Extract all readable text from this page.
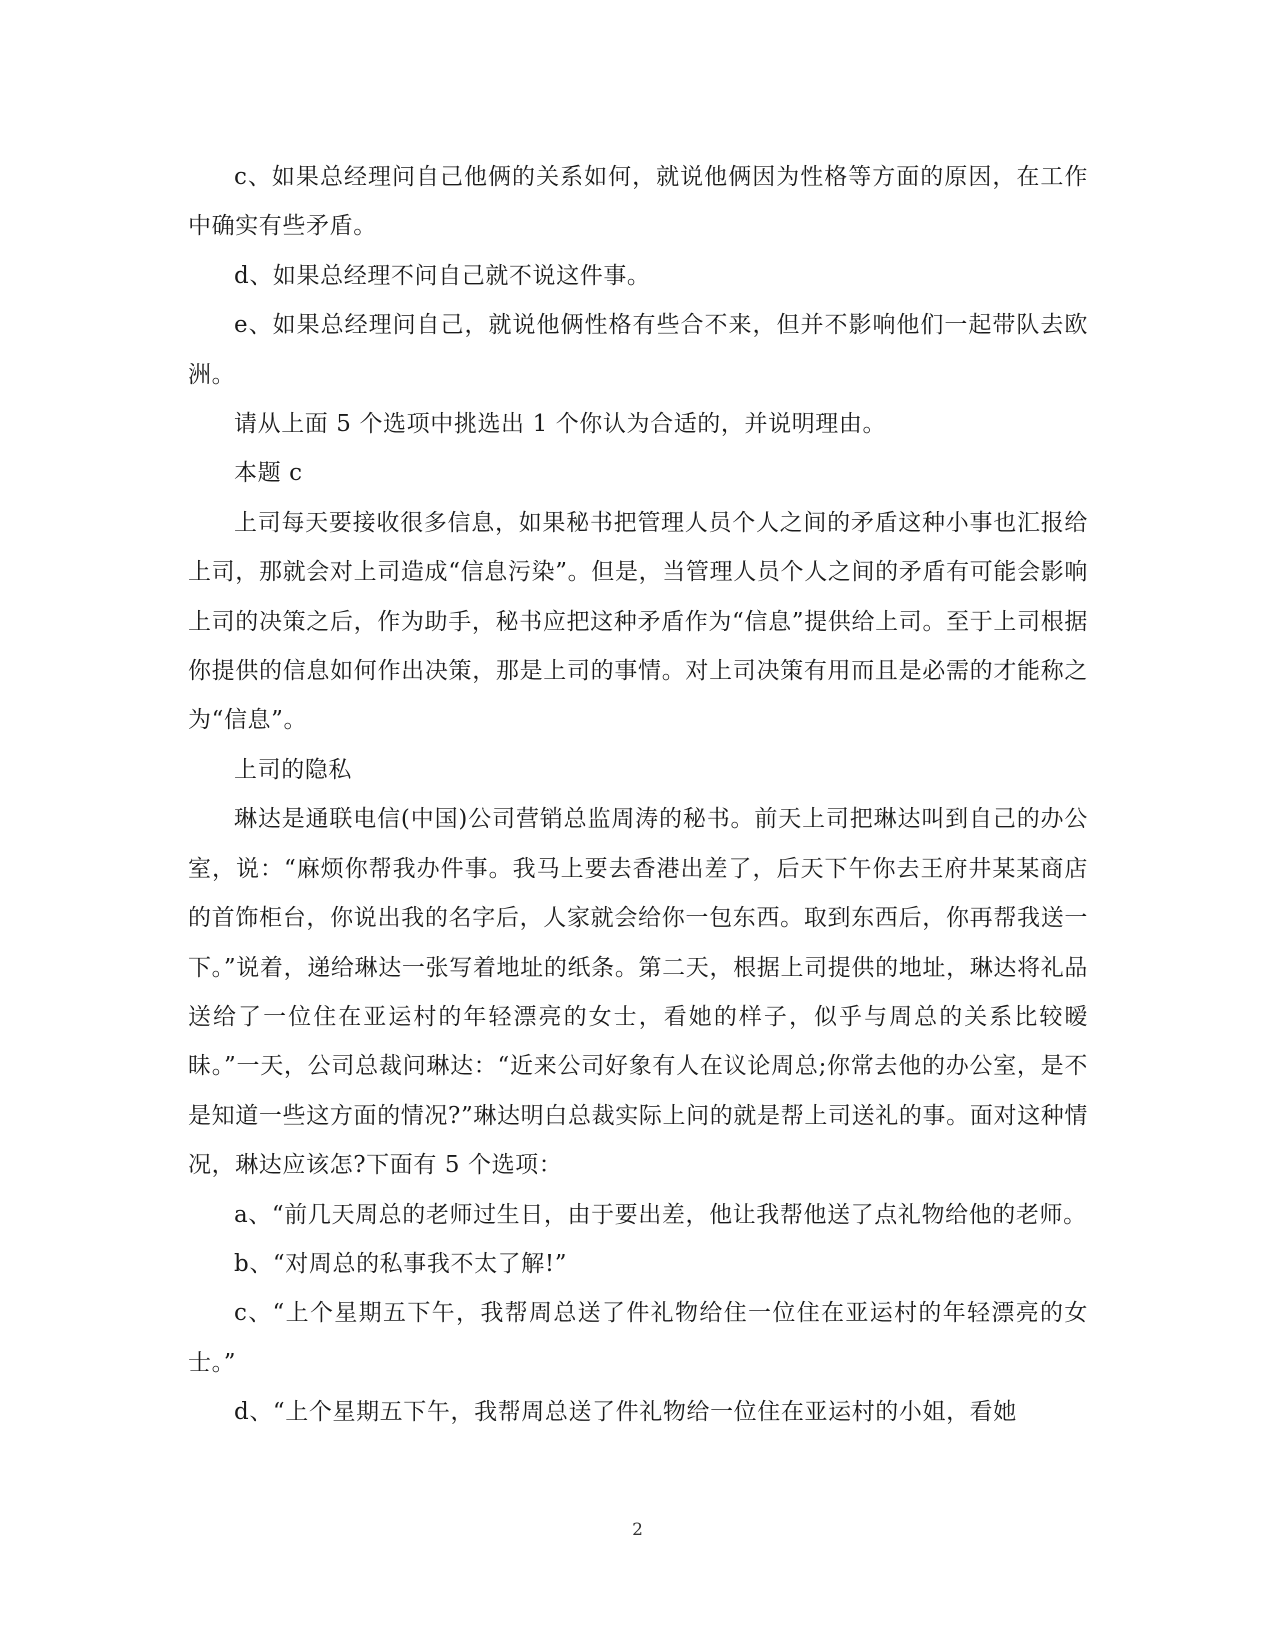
c、如果总经理问自己他俩的关系如何，就说他俩因为性格等方面的原因，在工作中确实有些矛盾。

d、如果总经理不问自己就不说这件事。

e、如果总经理问自己，就说他俩性格有些合不来，但并不影响他们一起带队去欧洲。

请从上面 5 个选项中挑选出 1 个你认为合适的，并说明理由。

本题 c

上司每天要接收很多信息，如果秘书把管理人员个人之间的矛盾这种小事也汇报给上司，那就会对上司造成“信息污染”。但是，当管理人员个人之间的矛盾有可能会影响上司的决策之后，作为助手，秘书应把这种矛盾作为“信息”提供给上司。至于上司根据你提供的信息如何作出决策，那是上司的事情。对上司决策有用而且是必需的才能称之为“信息”。

上司的隐私

琳达是通联电信(中国)公司营销总监周涛的秘书。前天上司把琳达叫到自己的办公室，说：“麻烦你帮我办件事。我马上要去香港出差了，后天下午你去王府井某某商店的首饰柜台，你说出我的名字后，人家就会给你一包东西。取到东西后，你再帮我送一下。”说着，递给琳达一张写着地址的纸条。第二天，根据上司提供的地址，琳达将礼品送给了一位住在亚运村的年轻漂亮的女士，看她的样子，似乎与周总的关系比较暧昧。”一天，公司总裁问琳达：“近来公司好象有人在议论周总;你常去他的办公室，是不是知道一些这方面的情况?”琳达明白总裁实际上问的就是帮上司送礼的事。面对这种情况，琳达应该怎?下面有 5 个选项：

a、“前几天周总的老师过生日，由于要出差，他让我帮他送了点礼物给他的老师。

b、“对周总的私事我不太了解!”

c、“上个星期五下午，我帮周总送了件礼物给住一位住在亚运村的年轻漂亮的女士。”

d、“上个星期五下午，我帮周总送了件礼物给一位住在亚运村的小姐，看她

2
